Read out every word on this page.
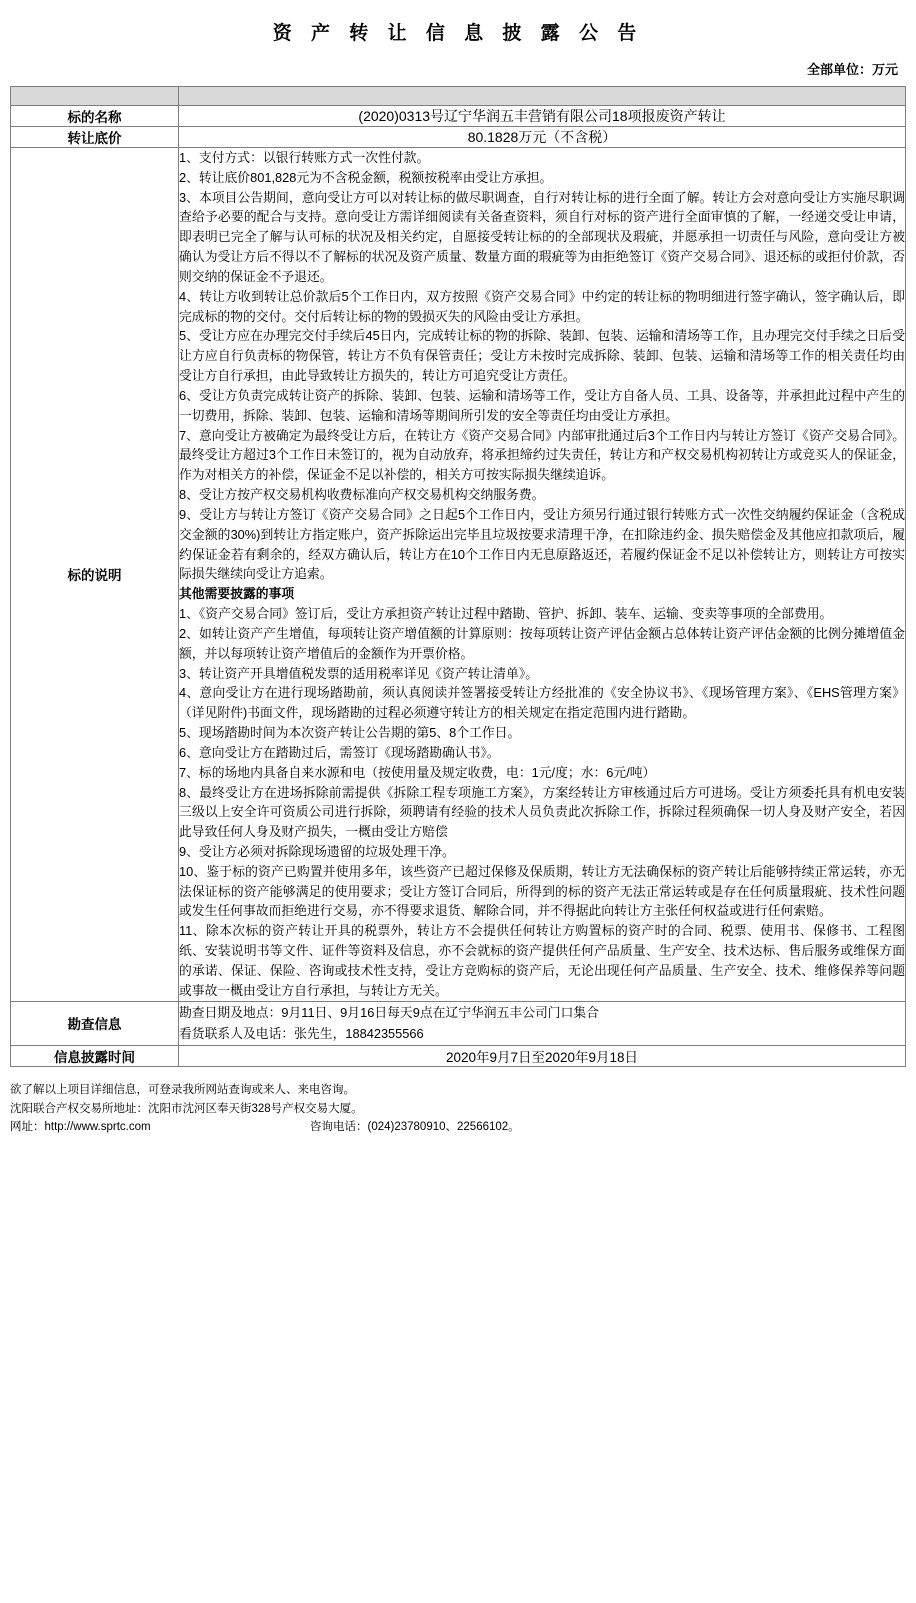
资 产 转 让 信 息 披 露 公 告
全部单位：万元

标的名称	(2020)0313号辽宁华润五丰营销有限公司18项报废资产转让
转让底价	80.1828万元（不含税）
标的说明	

1、支付方式：以银行转账方式一次性付款。

2、转让底价801,828元为不含税金额，税额按税率由受让方承担。

3、本项目公告期间，意向受让方可以对转让标的做尽职调查，自行对转让标的进行全面了解。转让方会对意向受让方实施尽职调查给予必要的配合与支持。意向受让方需详细阅读有关备查资料，须自行对标的资产进行全面审慎的了解，一经递交受让申请，即表明已完全了解与认可标的状况及相关约定，自愿接受转让标的的全部现状及瑕疵，并愿承担一切责任与风险，意向受让方被确认为受让方后不得以不了解标的状况及资产质量、数量方面的瑕疵等为由拒绝签订《资产交易合同》、退还标的或拒付价款，否则交纳的保证金不予退还。

4、转让方收到转让总价款后5个工作日内，双方按照《资产交易合同》中约定的转让标的物明细进行签字确认，签字确认后，即完成标的物的交付。交付后转让标的物的毁损灭失的风险由受让方承担。

5、受让方应在办理完交付手续后45日内，完成转让标的物的拆除、装卸、包装、运输和清场等工作，且办理完交付手续之日后受让方应自行负责标的物保管，转让方不负有保管责任；受让方未按时完成拆除、装卸、包装、运输和清场等工作的相关责任均由受让方自行承担，由此导致转让方损失的，转让方可追究受让方责任。

6、受让方负责完成转让资产的拆除、装卸、包装、运输和清场等工作，受让方自备人员、工具、设备等，并承担此过程中产生的一切费用，拆除、装卸、包装、运输和清场等期间所引发的安全等责任均由受让方承担。

7、意向受让方被确定为最终受让方后，在转让方《资产交易合同》内部审批通过后3个工作日内与转让方签订《资产交易合同》。最终受让方超过3个工作日未签订的，视为自动放弃，将承担缔约过失责任，转让方和产权交易机构初转让方或竞买人的保证金，作为对相关方的补偿，保证金不足以补偿的，相关方可按实际损失继续追诉。

8、受让方按产权交易机构收费标准向产权交易机构交纳服务费。

9、受让方与转让方签订《资产交易合同》之日起5个工作日内，受让方须另行通过银行转账方式一次性交纳履约保证金（含税成交金额的30%)到转让方指定账户，资产拆除运出完毕且垃圾按要求清理干净，在扣除违约金、损失赔偿金及其他应扣款项后，履约保证金若有剩余的，经双方确认后，转让方在10个工作日内无息原路返还，若履约保证金不足以补偿转让方，则转让方可按实际损失继续向受让方追索。

其他需要披露的事项

1、《资产交易合同》签订后，受让方承担资产转让过程中踏勘、管护、拆卸、装车、运输、变卖等事项的全部费用。

2、如转让资产产生增值，每项转让资产增值额的计算原则：按每项转让资产评估金额占总体转让资产评估金额的比例分摊增值金额，并以每项转让资产增值后的金额作为开票价格。

3、转让资产开具增值税发票的适用税率详见《资产转让清单》。

4、意向受让方在进行现场踏勘前，须认真阅读并签署接受转让方经批准的《安全协议书》、《现场管理方案》、《EHS管理方案》（详见附件)书面文件，现场踏勘的过程必须遵守转让方的相关规定在指定范围内进行踏勘。

5、现场踏勘时间为本次资产转让公告期的第5、8个工作日。

6、意向受让方在踏勘过后，需签订《现场踏勘确认书》。

7、标的场地内具备自来水源和电（按使用量及规定收费，电：1元/度；水：6元/吨）

8、最终受让方在进场拆除前需提供《拆除工程专项施工方案》，方案经转让方审核通过后方可进场。受让方须委托具有机电安装三级以上安全许可资质公司进行拆除，须聘请有经验的技术人员负责此次拆除工作，拆除过程须确保一切人身及财产安全，若因此导致任何人身及财产损失，一概由受让方赔偿

9、受让方必须对拆除现场遗留的垃圾处理干净。

10、鉴于标的资产已购置并使用多年，该些资产已超过保修及保质期，转让方无法确保标的资产转让后能够持续正常运转，亦无法保证标的资产能够满足的使用要求；受让方签订合同后，所得到的标的资产无法正常运转或是存在任何质量瑕疵、技术性问题或发生任何事故而拒绝进行交易，亦不得要求退货、解除合同，并不得据此向转让方主张任何权益或进行任何索赔。

11、除本次标的资产转让开具的税票外，转让方不会提供任何转让方购置标的资产时的合同、税票、使用书、保修书、工程图纸、安装说明书等文件、证件等资料及信息，亦不会就标的资产提供任何产品质量、生产安全、技术达标、售后服务或维保方面的承诺、保证、保险、咨询或技术性支持，受让方竞购标的资产后，无论出现任何产品质量、生产安全、技术、维修保养等问题或事故一概由受让方自行承担，与转让方无关。

勘查信息	勘查日期及地点：9月11日、9月16日每天9点在辽宁华润五丰公司门口集合
看货联系人及电话：张先生，18842355566

信息披露时间	2020年9月7日至2020年9月18日
欲了解以上项目详细信息，可登录我所网站查询或来人、来电咨询。
沈阳联合产权交易所地址：沈阳市沈河区奉天街328号产权交易大厦。
网址：http://www.sprtc.com	咨询电话：(024)23780910、22566102。
